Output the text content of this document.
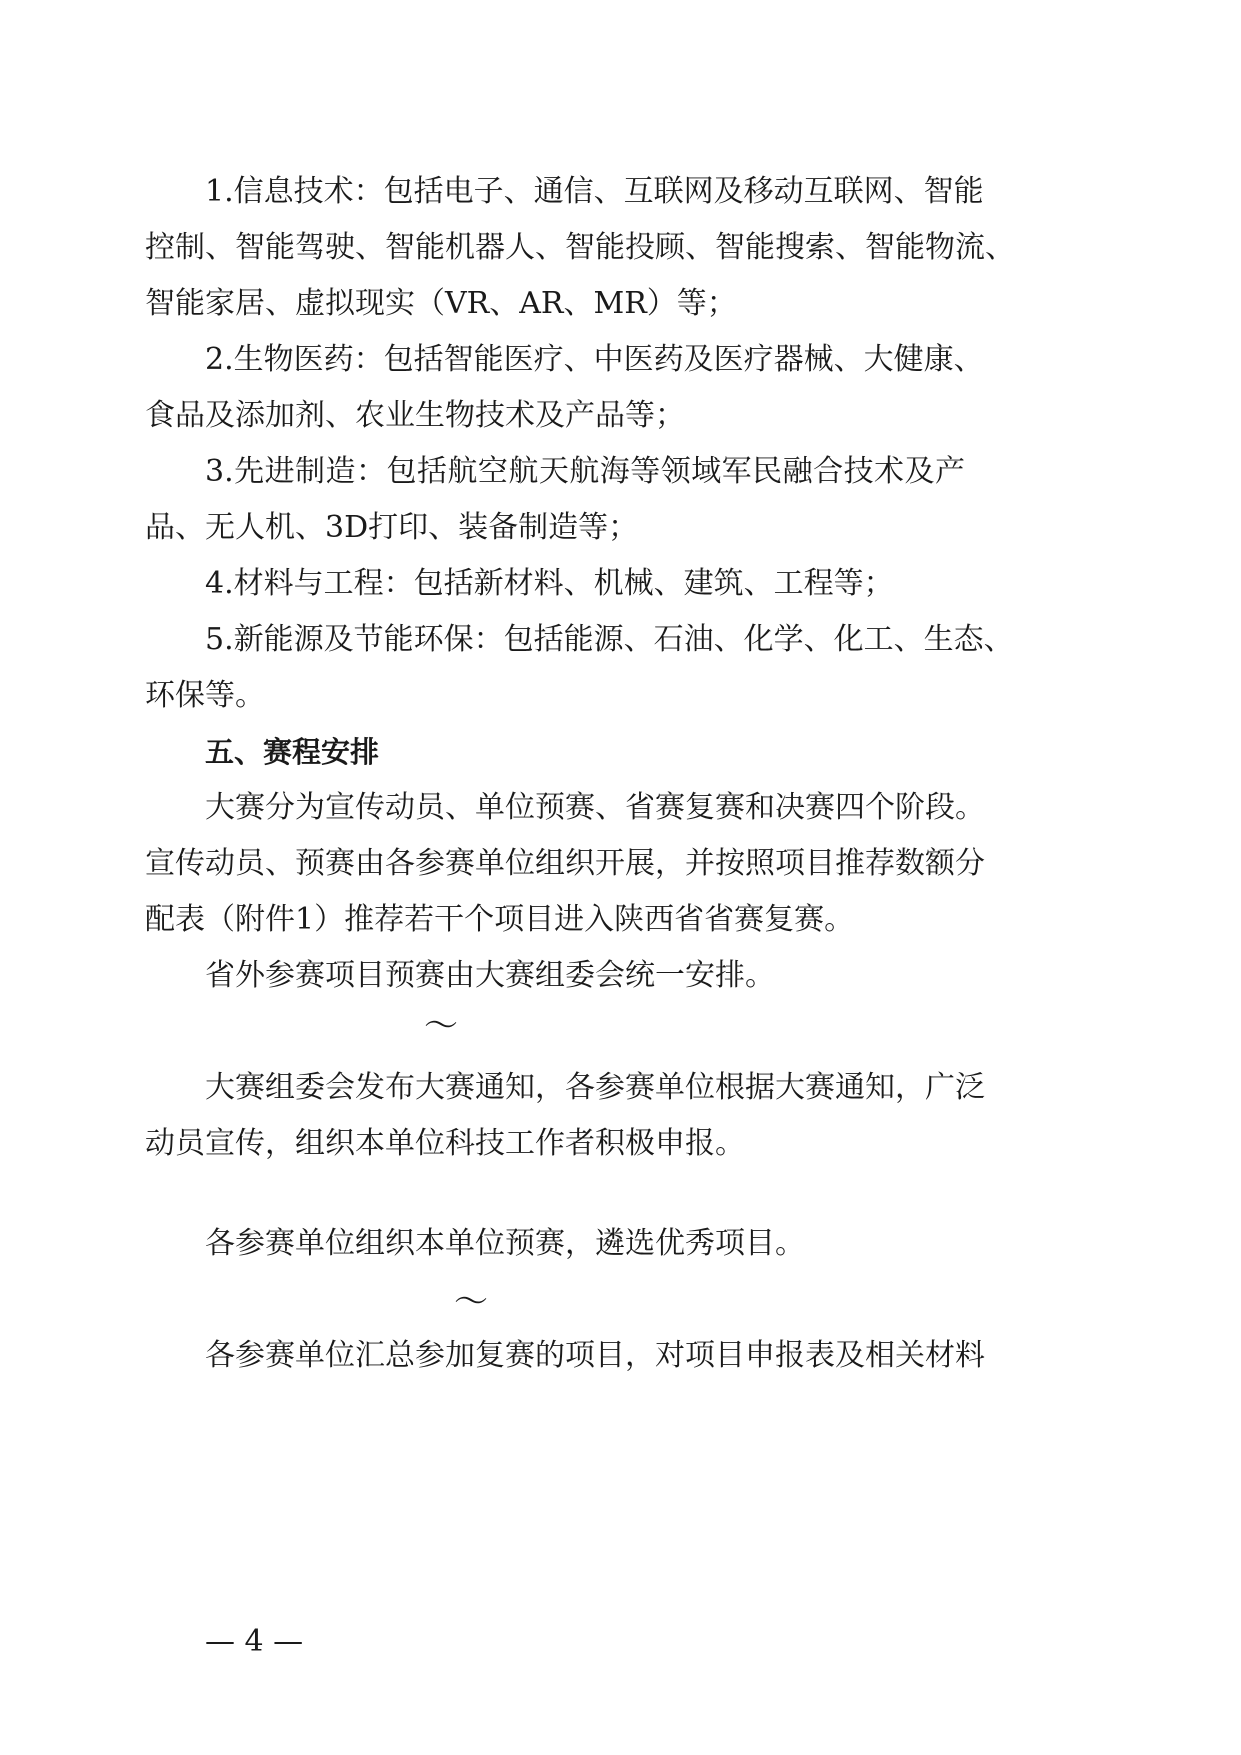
1.信息技术：包括电子、通信、互联网及移动互联网、智能
控制、智能驾驶、智能机器人、智能投顾、智能搜索、智能物流、
智能家居、虚拟现实（VR、AR、MR）等；
2.生物医药：包括智能医疗、中医药及医疗器械、大健康、
食品及添加剂、农业生物技术及产品等；
3.先进制造：包括航空航天航海等领域军民融合技术及产
品、无人机、3D打印、装备制造等；
4.材料与工程：包括新材料、机械、建筑、工程等；
5.新能源及节能环保：包括能源、石油、化学、化工、生态、
环保等。
五、赛程安排
大赛分为宣传动员、单位预赛、省赛复赛和决赛四个阶段。
宣传动员、预赛由各参赛单位组织开展，并按照项目推荐数额分
配表（附件1）推荐若干个项目进入陕西省省赛复赛。
省外参赛项目预赛由大赛组委会统一安排。
～
大赛组委会发布大赛通知，各参赛单位根据大赛通知，广泛
动员宣传，组织本单位科技工作者积极申报。
各参赛单位组织本单位预赛，遴选优秀项目。
～
各参赛单位汇总参加复赛的项目，对项目申报表及相关材料
— 4 —
